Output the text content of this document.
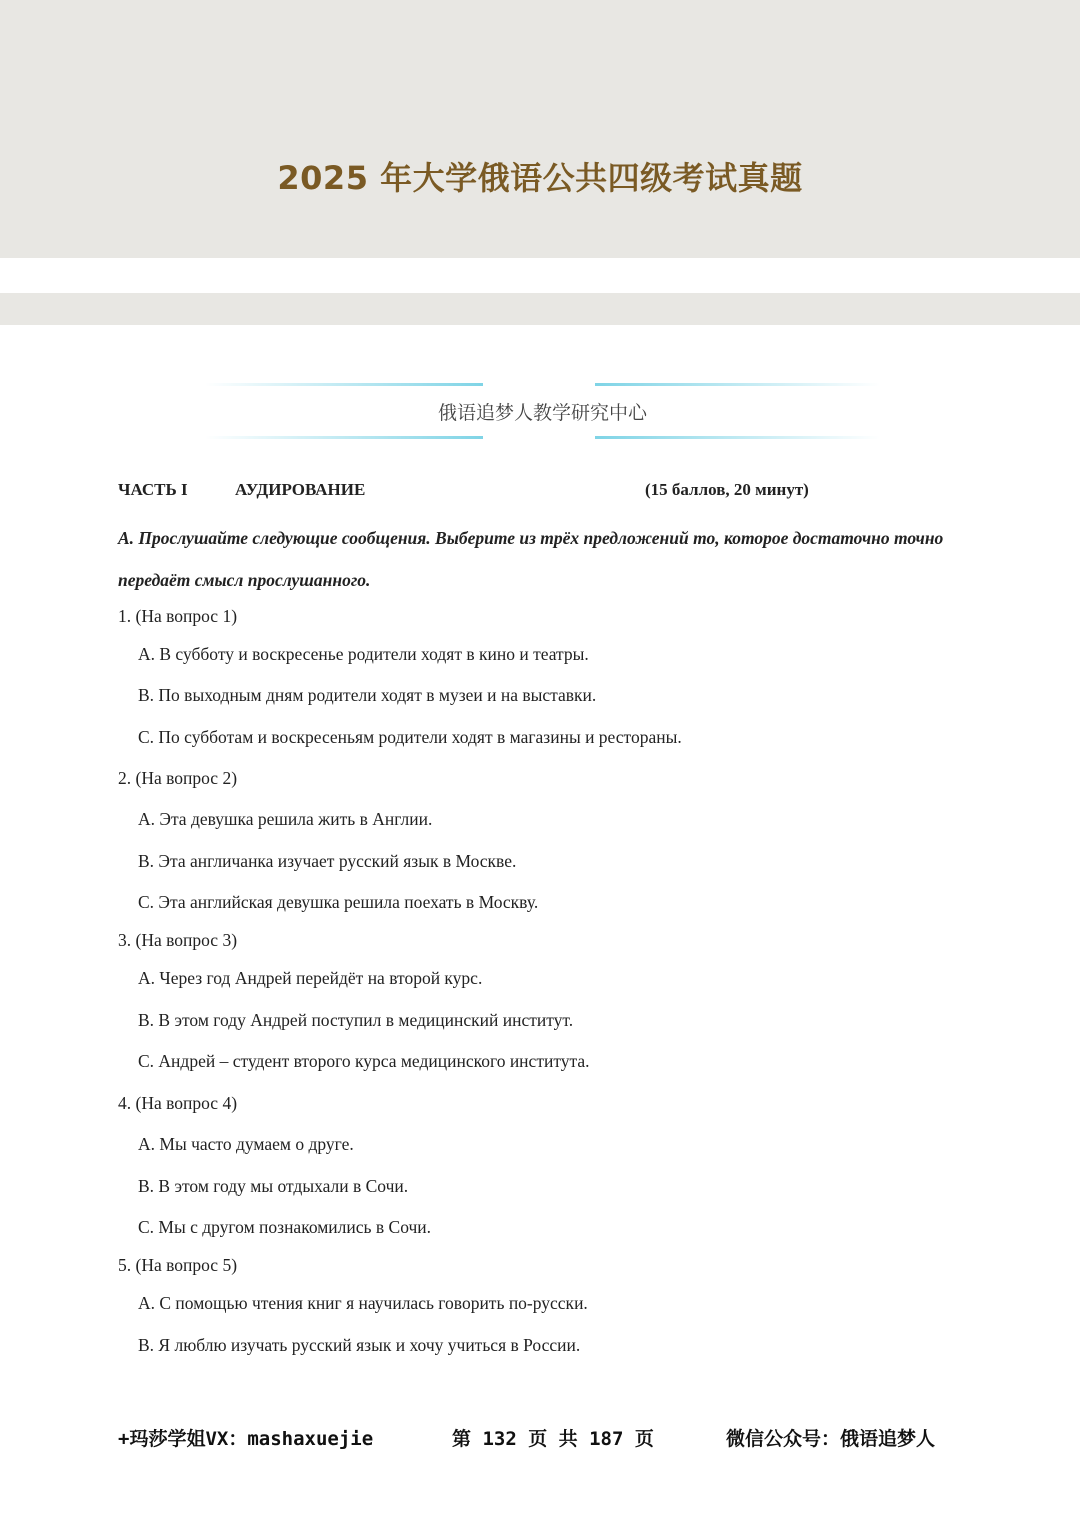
2025 年大学俄语公共四级考试真题
俄语追梦人教学研究中心
ЧАСТЬ I	АУДИРОВАНИЕ	(15 баллов, 20 минут)
А. Прослушайте следующие сообщения. Выберите из трёх предложений то, которое достаточно точно передаёт смысл прослушанного.
1. (На вопрос 1)
А. В субботу и воскресенье родители ходят в кино и театры.
В. По выходным дням родители ходят в музеи и на выставки.
С. По субботам и воскресеньям родители ходят в магазины и рестораны.
2. (На вопрос 2)
А. Эта девушка решила жить в Англии.
В. Эта англичанка изучает русский язык в Москве.
С. Эта английская девушка решила поехать в Москву.
3. (На вопрос 3)
А. Через год Андрей перейдёт на второй курс.
В. В этом году Андрей поступил в медицинский институт.
С. Андрей – студент второго курса медицинского института.
4. (На вопрос 4)
А. Мы часто думаем о друге.
В. В этом году мы отдыхали в Сочи.
С. Мы с другом познакомились в Сочи.
5. (На вопрос 5)
А. С помощью чтения книг я научилась говорить по-русски.
В. Я люблю изучать русский язык и хочу учиться в России.
+玛莎学姐VX：mashaxuejie	第 132 页 共 187 页	微信公众号：俄语追梦人
